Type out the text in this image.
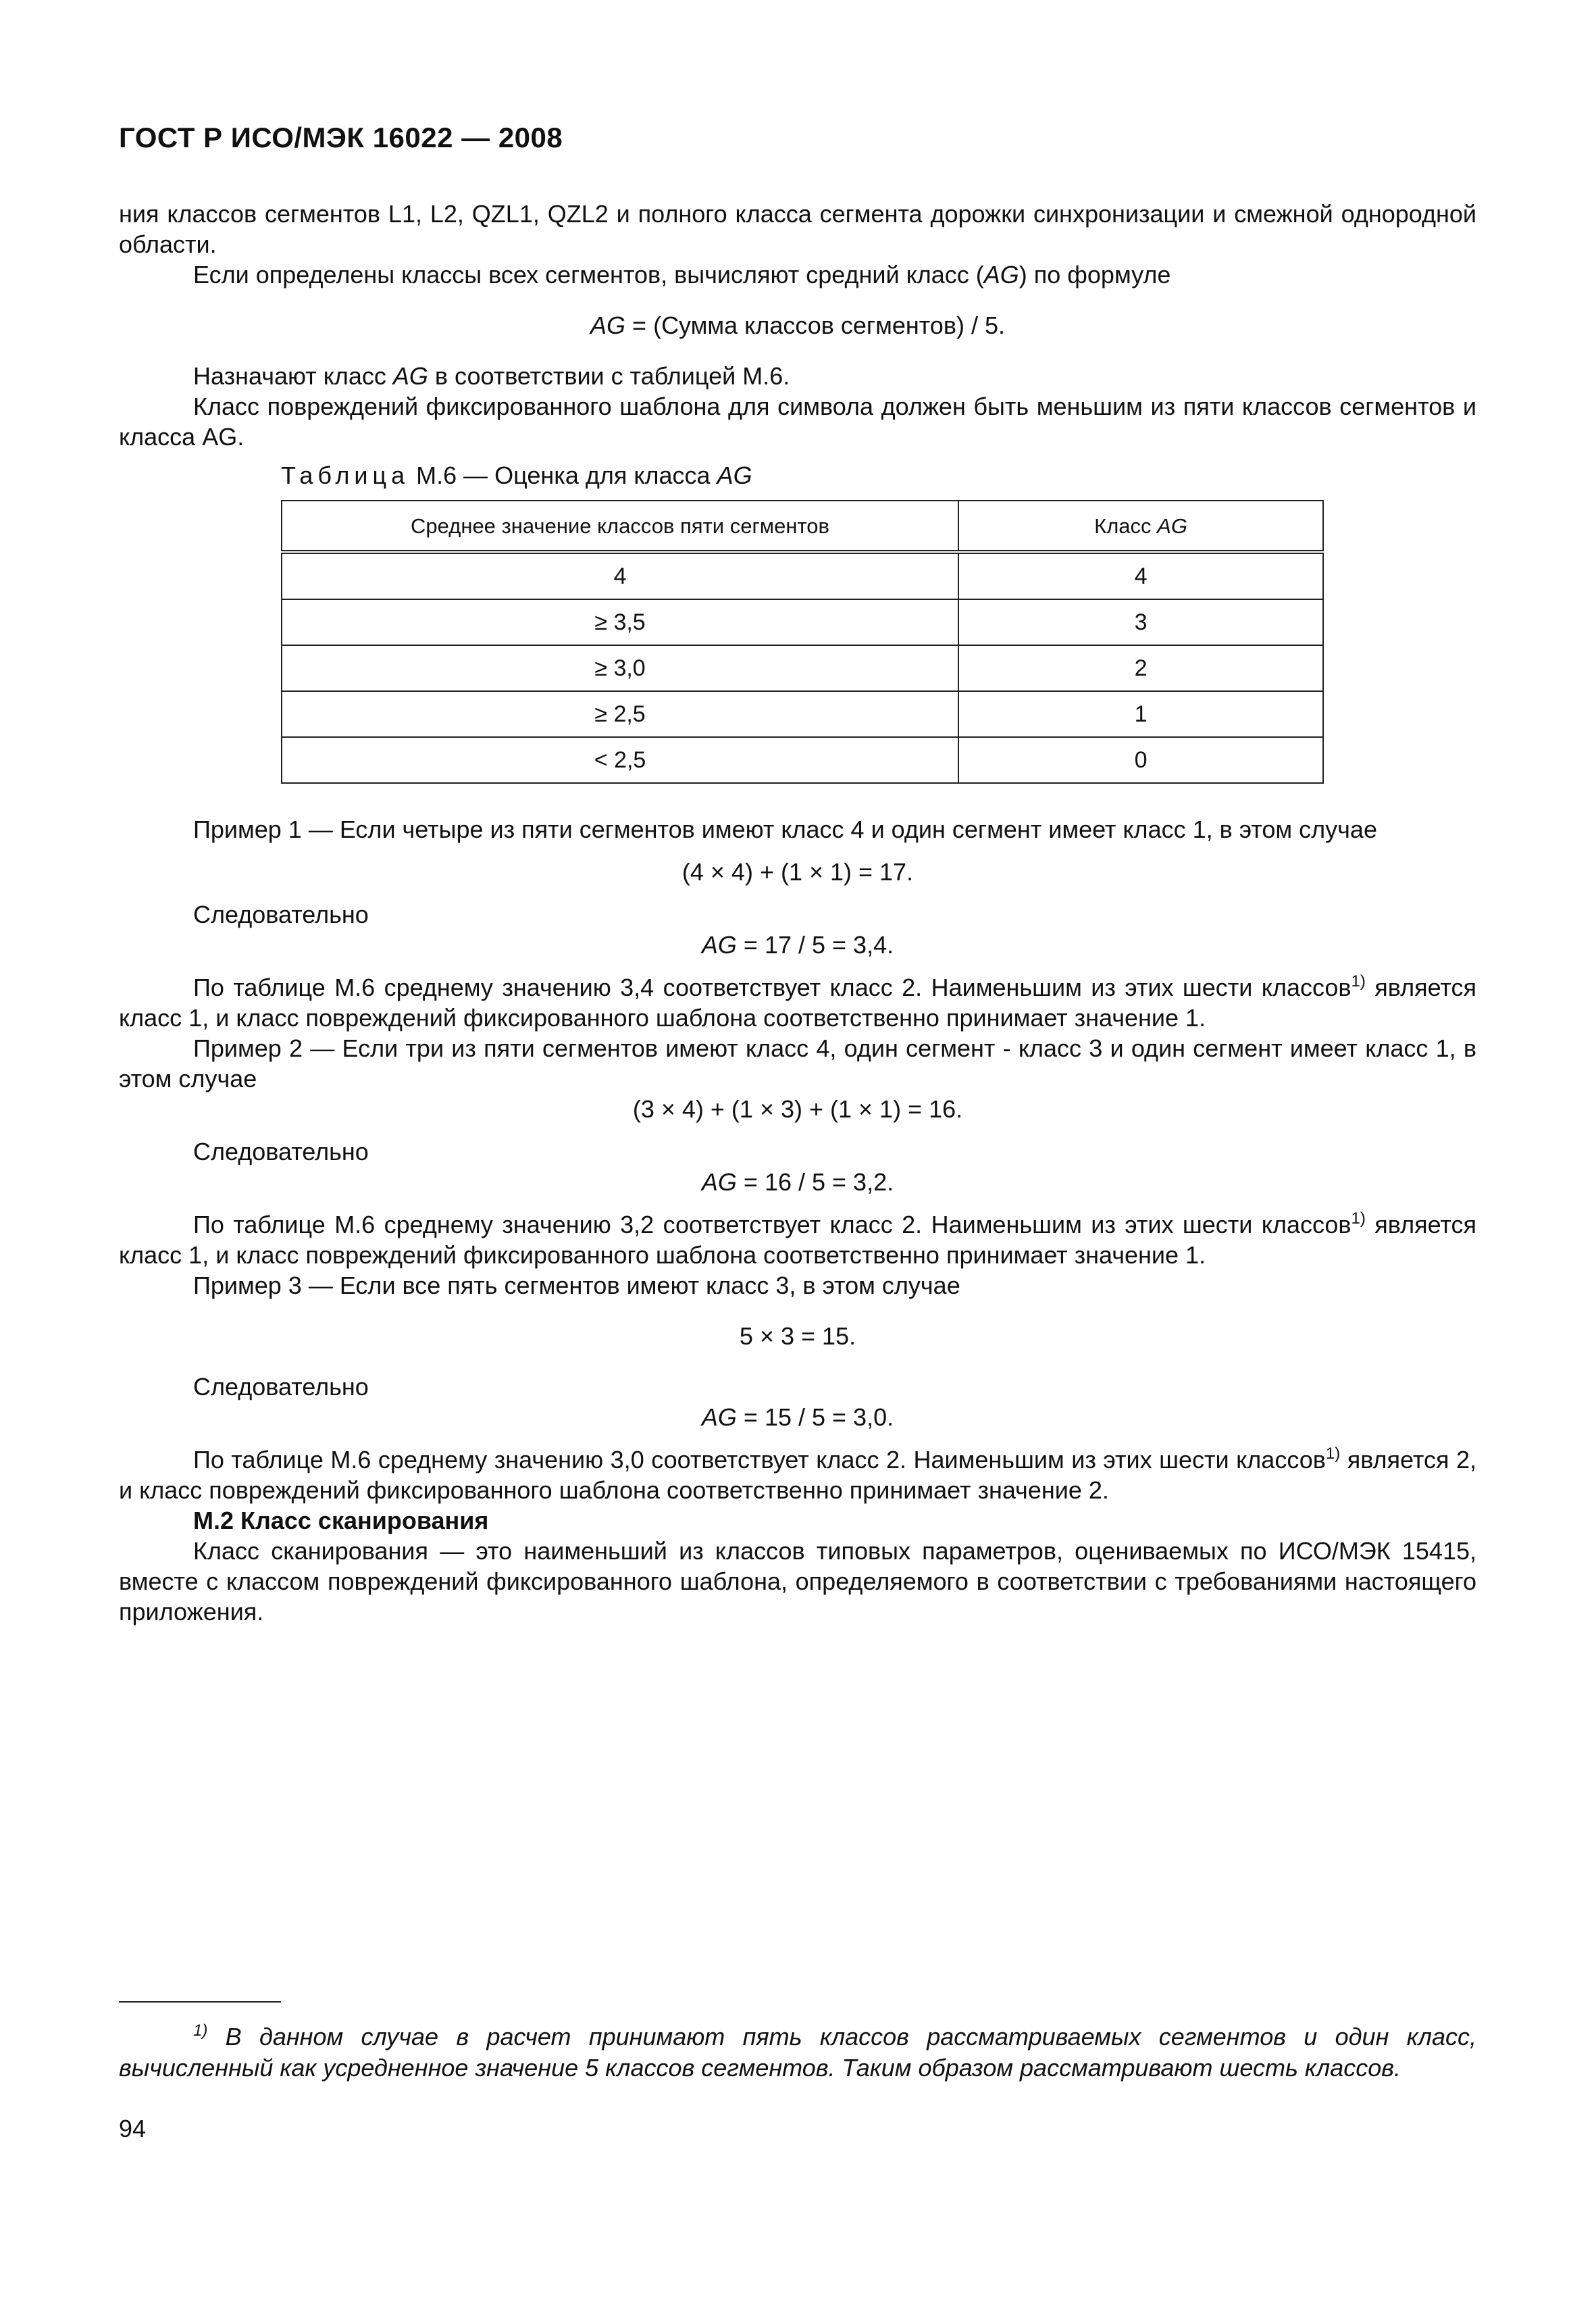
ГОСТ Р ИСО/МЭК 16022 — 2008

ния классов сегментов L1, L2, QZL1, QZL2 и полного класса сегмента дорожки синхронизации и смежной однородной области.

Если определены классы всех сегментов, вычисляют средний класс (AG) по формуле

AG = (Сумма классов сегментов) / 5.

Назначают класс AG в соответствии с таблицей М.6.

Класс повреждений фиксированного шаблона для символа должен быть меньшим из пяти классов сегментов и класса AG.

Таблица М.6 — Оценка для класса AG
Среднее значение классов пяти сегментов	Класс AG
4	4
≥ 3,5	3
≥ 3,0	2
≥ 2,5	1
< 2,5	0

Пример 1 — Если четыре из пяти сегментов имеют класс 4 и один сегмент имеет класс 1, в этом случае

(4 × 4) + (1 × 1) = 17.

Следовательно

AG = 17 / 5 = 3,4.

По таблице М.6 среднему значению 3,4 соответствует класс 2. Наименьшим из этих шести классов$^{1)}$ является класс 1, и класс повреждений фиксированного шаблона соответственно принимает значение 1.

Пример 2 — Если три из пяти сегментов имеют класс 4, один сегмент - класс 3 и один сегмент имеет класс 1, в этом случае

(3 × 4) + (1 × 3) + (1 × 1) = 16.

Следовательно

AG = 16 / 5 = 3,2.

По таблице М.6 среднему значению 3,2 соответствует класс 2. Наименьшим из этих шести классов$^{1)}$ является класс 1, и класс повреждений фиксированного шаблона соответственно принимает значение 1.

Пример 3 — Если все пять сегментов имеют класс 3, в этом случае

5 × 3 = 15.

Следовательно

AG = 15 / 5 = 3,0.

По таблице М.6 среднему значению 3,0 соответствует класс 2. Наименьшим из этих шести классов$^{1)}$ является 2, и класс повреждений фиксированного шаблона соответственно принимает значение 2.

М.2 Класс сканирования

Класс сканирования — это наименьший из классов типовых параметров, оцениваемых по ИСО/МЭК 15415, вместе с классом повреждений фиксированного шаблона, определяемого в соответствии с требованиями настоящего приложения.

$^{1)}$ В данном случае в расчет принимают пять классов рассматриваемых сегментов и один класс, вычисленный как усредненное значение 5 классов сегментов. Таким образом рассматривают шесть классов.
94
